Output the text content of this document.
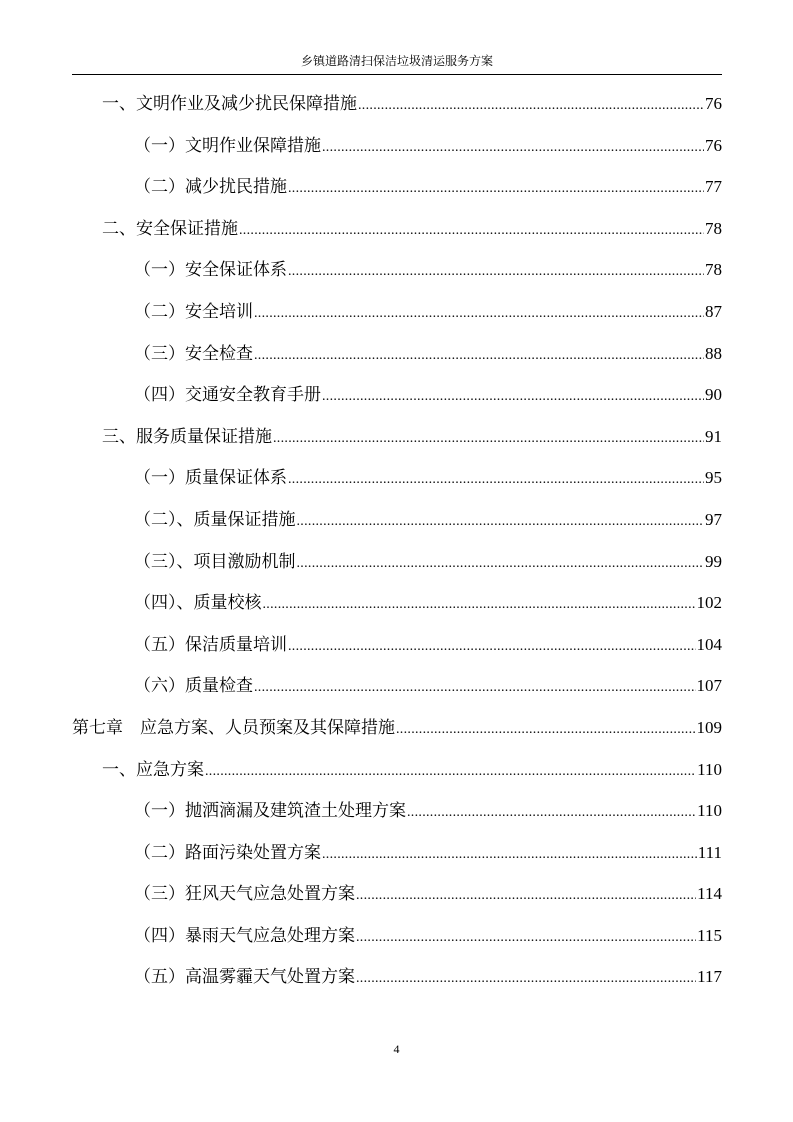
乡镇道路清扫保洁垃圾清运服务方案
一、文明作业及减少扰民保障措施 .....	76
（一）文明作业保障措施 .....	76
（二）减少扰民措施 .....	77
二、安全保证措施 .....	78
（一）安全保证体系 .....	78
（二）安全培训 .....	87
（三）安全检查 .....	88
（四）交通安全教育手册 .....	90
三、服务质量保证措施 .....	91
（一）质量保证体系 .....	95
（二）、质量保证措施 .....	97
（三）、项目激励机制 .....	99
（四）、质量校核 .....	102
（五）保洁质量培训 .....	104
（六）质量检查 .....	107
第七章　应急方案、人员预案及其保障措施 .....	109
一、应急方案 .....	110
（一）抛洒滴漏及建筑渣土处理方案 .....	110
（二）路面污染处置方案 .....	111
（三）狂风天气应急处置方案 .....	114
（四）暴雨天气应急处理方案 .....	115
（五）高温雾霾天气处置方案 .....	117
4
